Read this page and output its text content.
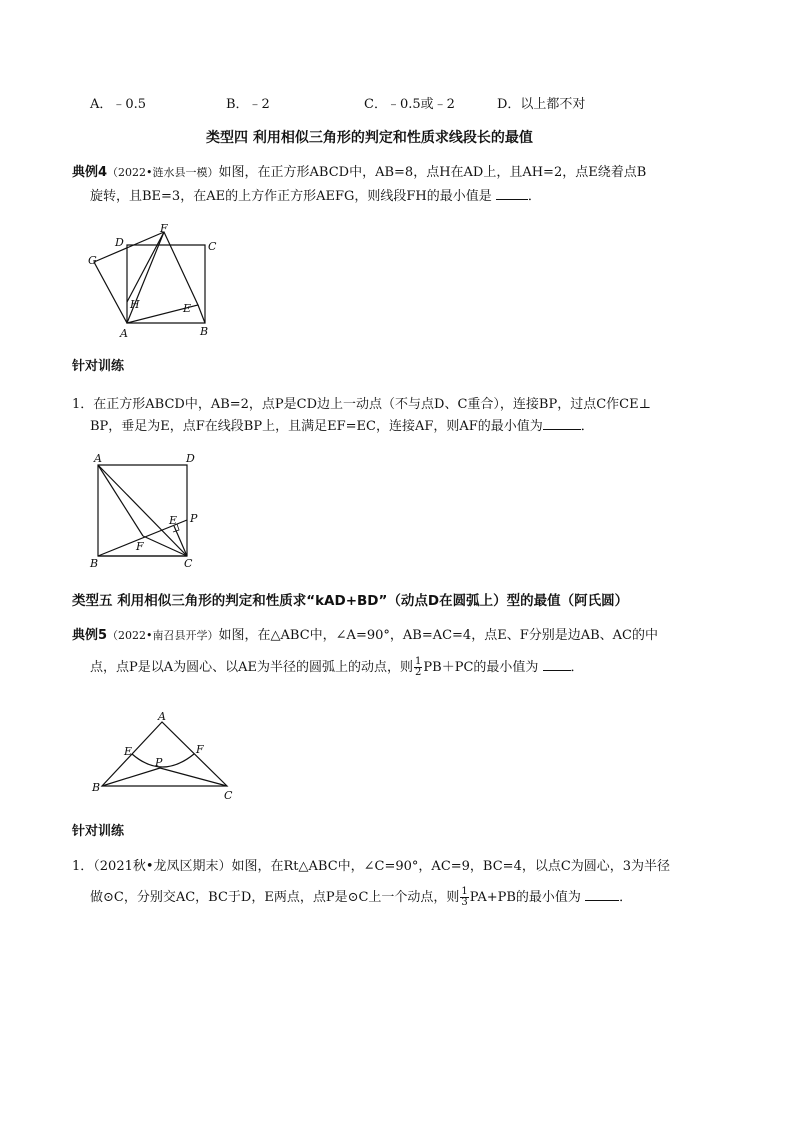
A．﹣0.5	B．﹣2	C．﹣0.5或﹣2	D．以上都不对
类型四 利用相似三角形的判定和性质求线段长的最值
典例4（2022•涟水县一模）如图，在正方形ABCD中，AB=8，点H在AD上，且AH=2，点E绕着点B
旋转，且BE=3，在AE的上方作正方形AEFG，则线段FH的最小值是	．
A	B
C
D
E
F
G
H
针对训练
1．在正方形ABCD中，AB=2，点P是CD边上一动点（不与点D、C重合），连接BP，过点C作CE⊥
BP，垂足为E，点F在线段BP上，且满足EF=EC，连接AF，则AF的最小值为	．
A
B	C
D
E
F
P
类型五 利用相似三角形的判定和性质求“kAD+BD”（动点D在圆弧上）型的最值（阿氏圆）
典例5（2022•南召县开学）如图，在△ABC中，∠A=90°，AB=AC=4，点E、F分别是边AB、AC的中
点，点P是以A为圆心、以AE为半径的圆弧上的动点，则 $\frac{1}{2} PB+PC$的最小值为 ．
A
B
C
E	F
P
针对训练
1．（2021秋•龙凤区期末）如图，在Rt△ABC中，∠C=90°，AC=9，BC=4，以点C为圆心，3为半径
做⊙C，分别交AC，BC于D，E两点，点P是⊙C上一个动点，则 $\frac{1}{3} PA+PB$的最小值为	．
